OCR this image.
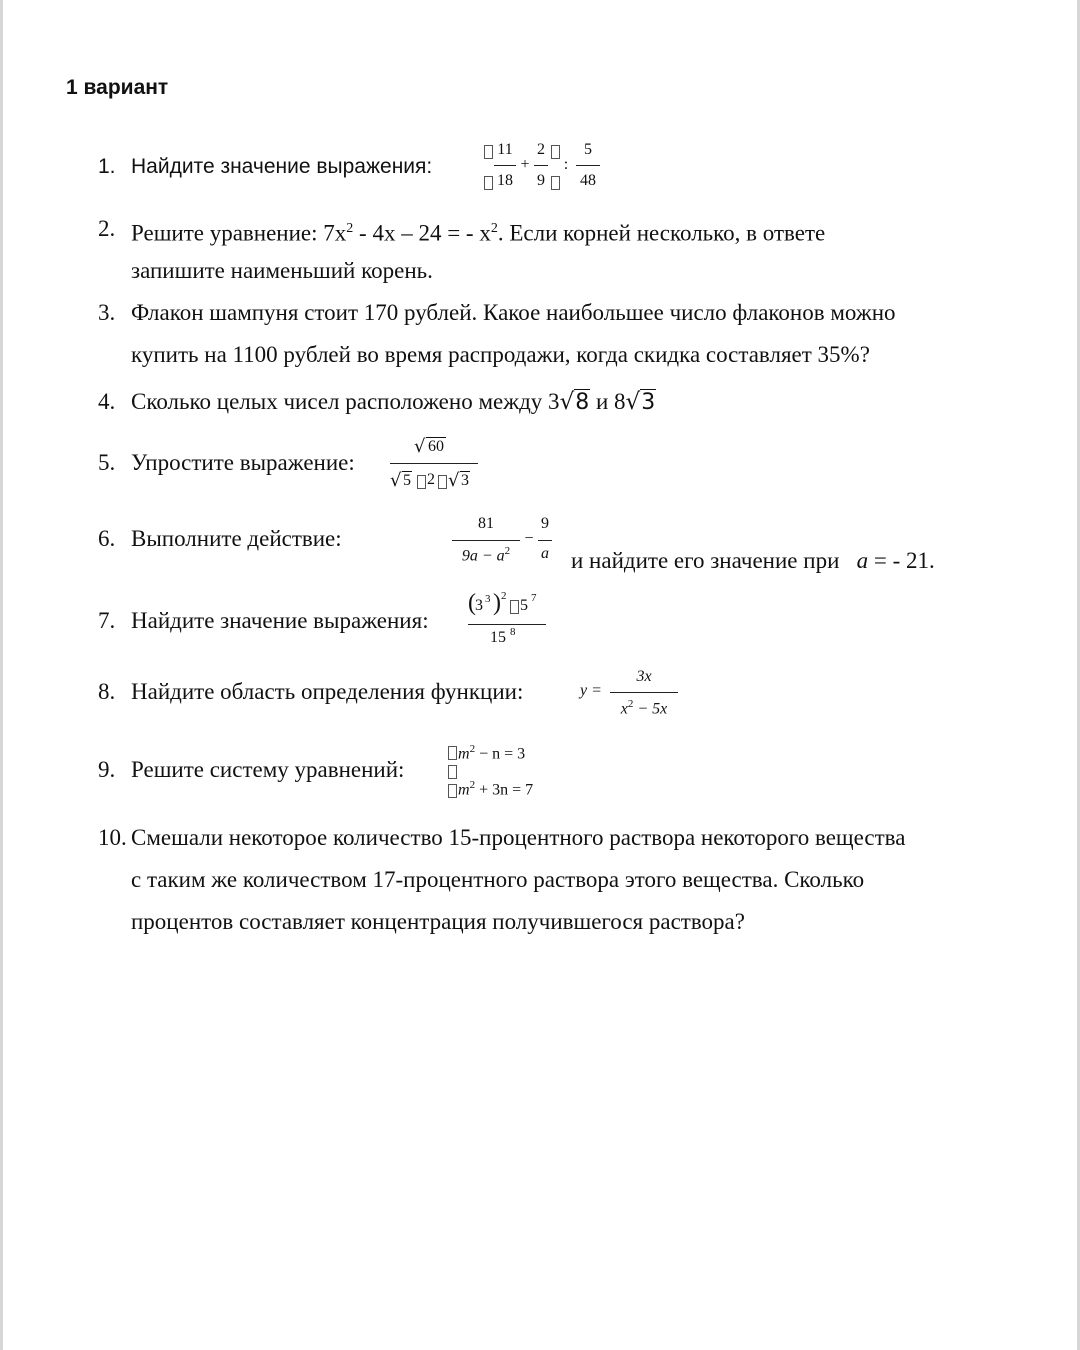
1 вариант
1. Найдите значение выражения:
11
18
+
2
9
:
5
48
2. Решите уравнение: $7x^2 - 4x - 24$ = - $x^2$. Если корней несколько, в ответе
запишите наименьший корень.
3. Флакон шампуня стоит 170 рублей. Какое наибольшее число флаконов можно
купить на 1100 рублей во время распродажи, когда скидка составляет 35%?
4. Сколько целых чисел расположено между 3√8 и 8√3
5. Упростите выражение:
√ 60
√ 5 2 √ 3
6. Выполните действие:
81
$9a - a^2$
−
9
a и найдите его значение при a = - 21.
7. Найдите значение выражения:
( 3 3 ) 2
5 7
15 8
8. Найдите область определения функции:	y =
3x
$x^2 - 5x$
9. Решите систему уравнений:
$m^2 - n = 3$
$m^2 + 3n = 7$
10. Смешали некоторое количество 15-процентного раствора некоторого вещества
с таким же количеством 17-процентного раствора этого вещества. Сколько
процентов составляет концентрация получившегося раствора?
